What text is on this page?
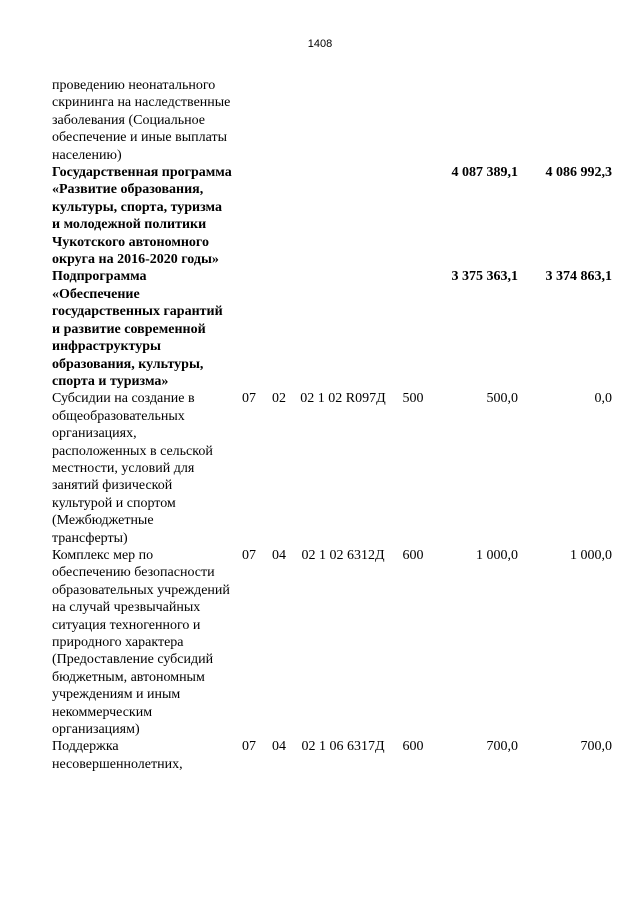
1408
проведению неонатального скрининга на наследственные заболевания (Социальное обеспечение и иные выплаты населению)						
Государственная программа «Развитие образования, культуры, спорта, туризма и молодежной политики Чукотского автономного округа на 2016-2020 годы»					4 087 389,1	4 086 992,3
Подпрограмма «Обеспечение государственных гарантий и развитие современной инфраструктуры образования, культуры, спорта и туризма»					3 375 363,1	3 374 863,1
Субсидии на создание в общеобразовательных организациях, расположенных в сельской местности, условий для занятий физической культурой и спортом (Межбюджетные трансферты)	07	02	02 1 02 R097Д	500	500,0	0,0
Комплекс мер по обеспечению безопасности образовательных учреждений на случай чрезвычайных ситуация техногенного и природного характера (Предоставление субсидий бюджетным, автономным учреждениям и иным некоммерческим организациям)	07	04	02 1 02 6312Д	600	1 000,0	1 000,0
Поддержка несовершеннолетних,	07	04	02 1 06 6317Д	600	700,0	700,0
